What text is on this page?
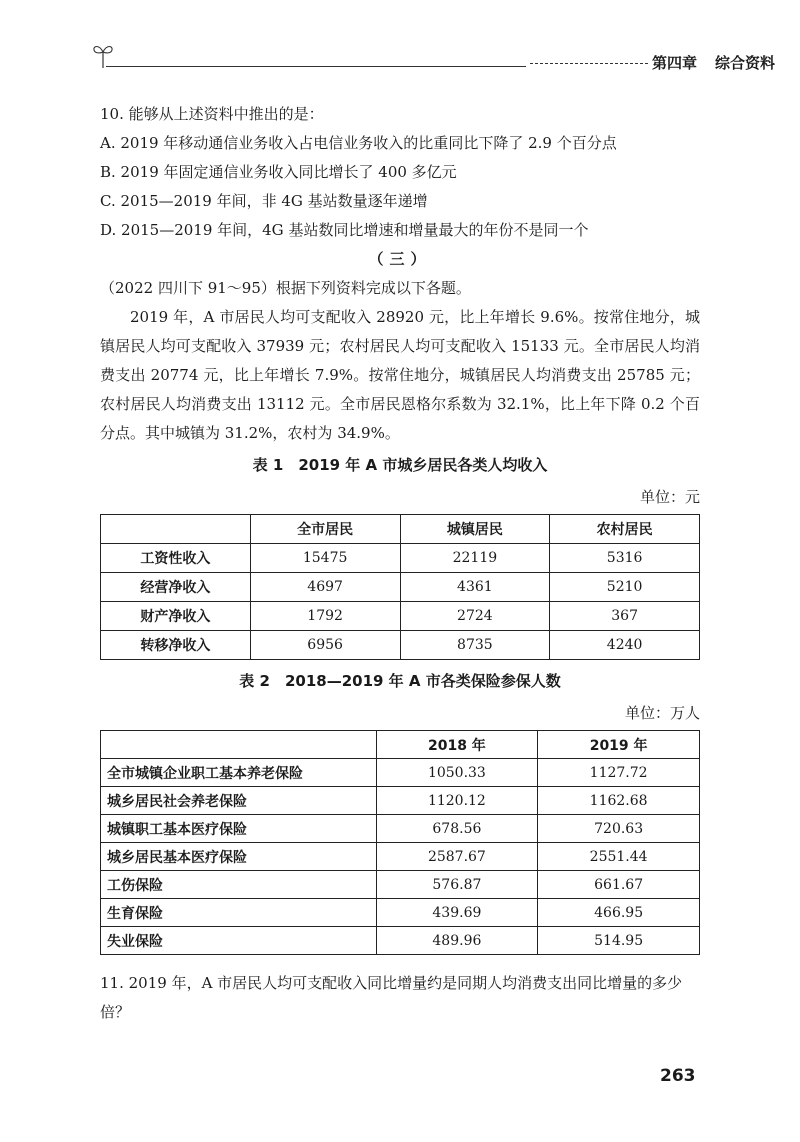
第四章 综合资料

10. 能够从上述资料中推出的是：

A. 2019 年移动通信业务收入占电信业务收入的比重同比下降了 2.9 个百分点

B. 2019 年固定通信业务收入同比增长了 400 多亿元

C. 2015—2019 年间，非 4G 基站数量逐年递增

D. 2015—2019 年间，4G 基站数同比增速和增量最大的年份不是同一个

（三）

（2022 四川下 91～95）根据下列资料完成以下各题。

2019 年，A 市居民人均可支配收入 28920 元，比上年增长 9.6%。按常住地分，城镇居民人均可支配收入 37939 元；农村居民人均可支配收入 15133 元。全市居民人均消费支出 20774 元，比上年增长 7.9%。按常住地分，城镇居民人均消费支出 25785 元；农村居民人均消费支出 13112 元。全市居民恩格尔系数为 32.1%，比上年下降 0.2 个百分点。其中城镇为 31.2%，农村为 34.9%。

表 1　2019 年 A 市城乡居民各类人均收入
单位：元
	全市居民	城镇居民	农村居民
工资性收入	15475	22119	5316
经营净收入	4697	4361	5210
财产净收入	1792	2724	367
转移净收入	6956	8735	4240
表 2　2018—2019 年 A 市各类保险参保人数
单位：万人
	2018 年	2019 年
全市城镇企业职工基本养老保险	1050.33	1127.72
城乡居民社会养老保险	1120.12	1162.68
城镇职工基本医疗保险	678.56	720.63
城乡居民基本医疗保险	2587.67	2551.44
工伤保险	576.87	661.67
生育保险	439.69	466.95
失业保险	489.96	514.95

11. 2019 年，A 市居民人均可支配收入同比增量约是同期人均消费支出同比增量的多少倍？

263
